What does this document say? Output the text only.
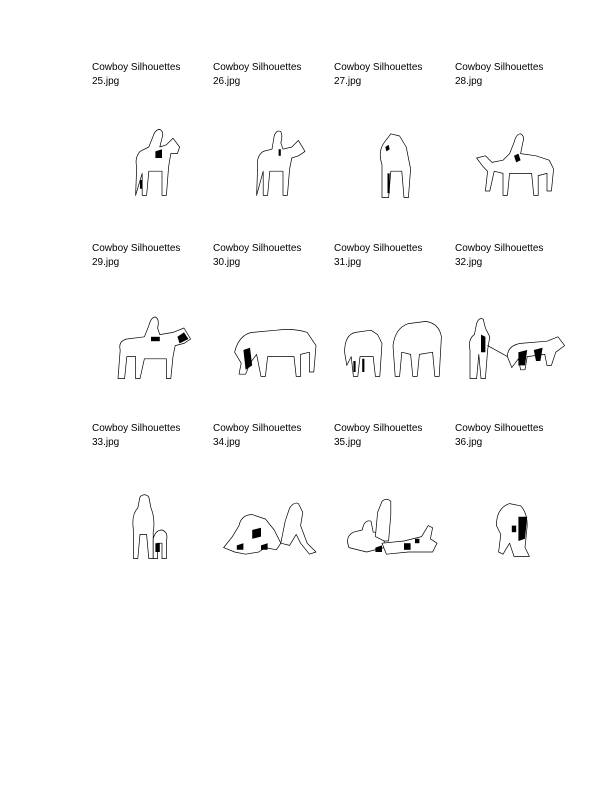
Cowboy Silhouettes
25.jpg
Cowboy Silhouettes
26.jpg
Cowboy Silhouettes
27.jpg
Cowboy Silhouettes
28.jpg
Cowboy Silhouettes
29.jpg
Cowboy Silhouettes
30.jpg
Cowboy Silhouettes
31.jpg
Cowboy Silhouettes
32.jpg
Cowboy Silhouettes
33.jpg
Cowboy Silhouettes
34.jpg
Cowboy Silhouettes
35.jpg
Cowboy Silhouettes
36.jpg
